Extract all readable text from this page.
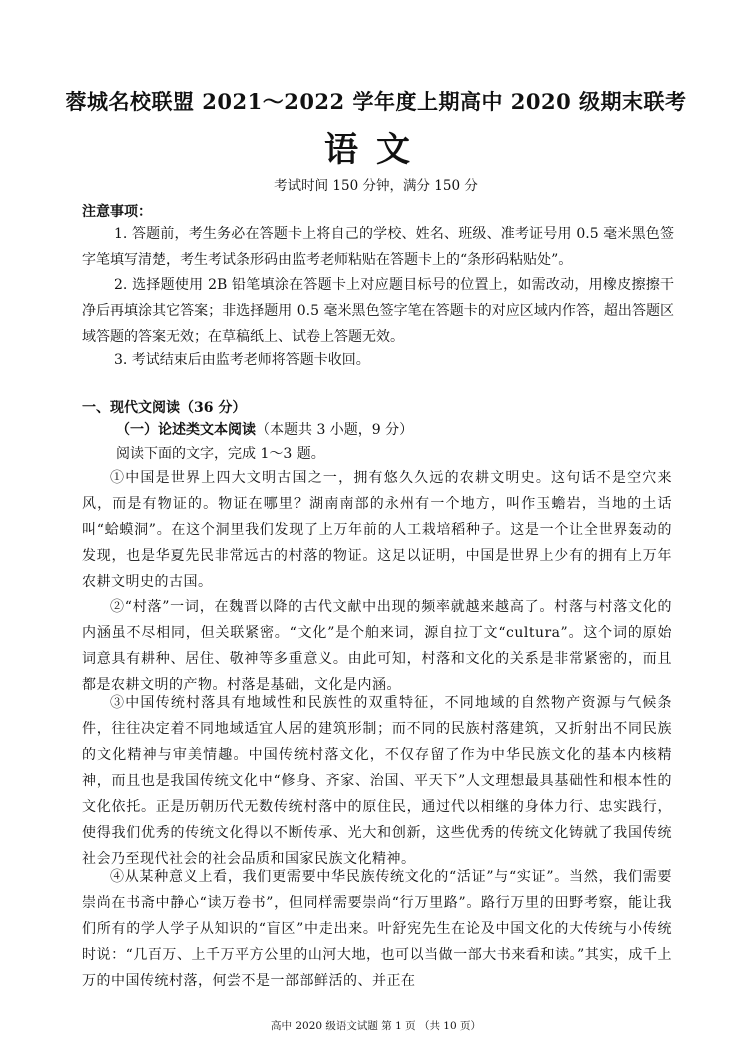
蓉城名校联盟 2021～2022 学年度上期高中 2020 级期末联考
语文
考试时间 150 分钟，满分 150 分
注意事项：
1. 答题前，考生务必在答题卡上将自己的学校、姓名、班级、准考证号用 0.5 毫米黑色签字笔填写清楚，考生考试条形码由监考老师粘贴在答题卡上的“条形码粘贴处”。
2. 选择题使用 2B 铅笔填涂在答题卡上对应题目标号的位置上，如需改动，用橡皮擦擦干净后再填涂其它答案；非选择题用 0.5 毫米黑色签字笔在答题卡的对应区域内作答，超出答题区域答题的答案无效；在草稿纸上、试卷上答题无效。
3. 考试结束后由监考老师将答题卡收回。
一、现代文阅读（36 分）
（一）论述类文本阅读（本题共 3 小题，9 分）
阅读下面的文字，完成 1～3 题。
①中国是世界上四大文明古国之一，拥有悠久久远的农耕文明史。这句话不是空穴来风，而是有物证的。物证在哪里？湖南南部的永州有一个地方，叫作玉蟾岩，当地的土话叫“蛤蟆洞”。在这个洞里我们发现了上万年前的人工栽培稻种子。这是一个让全世界轰动的发现，也是华夏先民非常远古的村落的物证。这足以证明，中国是世界上少有的拥有上万年农耕文明史的古国。
②“村落”一词，在魏晋以降的古代文献中出现的频率就越来越高了。村落与村落文化的内涵虽不尽相同，但关联紧密。“文化”是个舶来词，源自拉丁文“cultura”。这个词的原始词意具有耕种、居住、敬神等多重意义。由此可知，村落和文化的关系是非常紧密的，而且都是农耕文明的产物。村落是基础，文化是内涵。
③中国传统村落具有地域性和民族性的双重特征，不同地域的自然物产资源与气候条件，往往决定着不同地域适宜人居的建筑形制；而不同的民族村落建筑，又折射出不同民族的文化精神与审美情趣。中国传统村落文化，不仅存留了作为中华民族文化的基本内核精神，而且也是我国传统文化中“修身、齐家、治国、平天下”人文理想最具基础性和根本性的文化依托。正是历朝历代无数传统村落中的原住民，通过代以相继的身体力行、忠实践行，使得我们优秀的传统文化得以不断传承、光大和创新，这些优秀的传统文化铸就了我国传统社会乃至现代社会的社会品质和国家民族文化精神。
④从某种意义上看，我们更需要中华民族传统文化的“活证”与“实证”。当然，我们需要崇尚在书斋中静心“读万卷书”，但同样需要崇尚“行万里路”。路行万里的田野考察，能让我们所有的学人学子从知识的“盲区”中走出来。叶舒宪先生在论及中国文化的大传统与小传统时说：“几百万、上千万平方公里的山河大地，也可以当做一部大书来看和读。”其实，成千上万的中国传统村落，何尝不是一部部鲜活的、并正在
高中 2020 级语文试题 第 1 页 （共 10 页）
